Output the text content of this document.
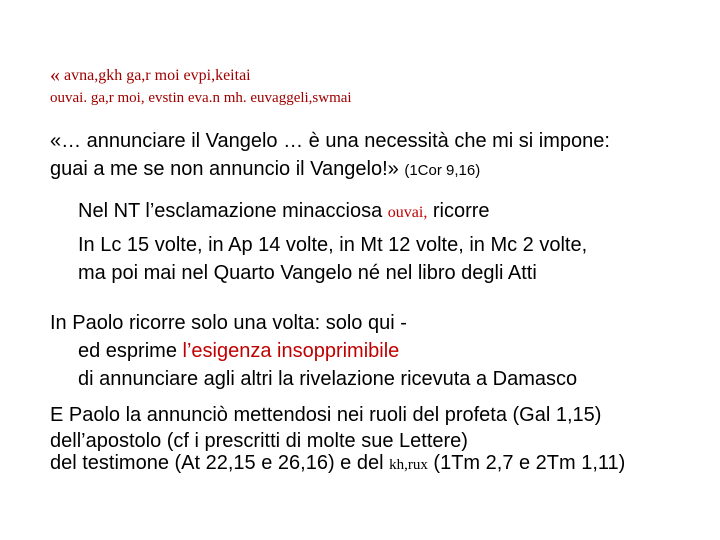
« avna,gkh ga,r moi evpi,keitai
ouvai. ga,r moi, evstin eva.n mh. euvaggeli,swmai
«… annunciare il Vangelo … è una necessità che mi si impone:
guai a me se non annuncio il Vangelo!» (1Cor 9,16)
Nel NT l’esclamazione minacciosa ouvai, ricorre
In Lc 15 volte, in Ap 14 volte, in Mt 12 volte, in Mc 2 volte,
ma poi mai nel Quarto Vangelo né nel libro degli Atti
In Paolo ricorre solo una volta: solo qui -
ed esprime l’esigenza insopprimibile
di annunciare agli altri la rivelazione ricevuta a Damasco
E Paolo la annunciò mettendosi nei ruoli del profeta (Gal 1,15)
dell’apostolo (cf i prescritti di molte sue Lettere)
del testimone (At 22,15 e 26,16) e del kh,rux (1Tm 2,7 e 2Tm 1,11)
